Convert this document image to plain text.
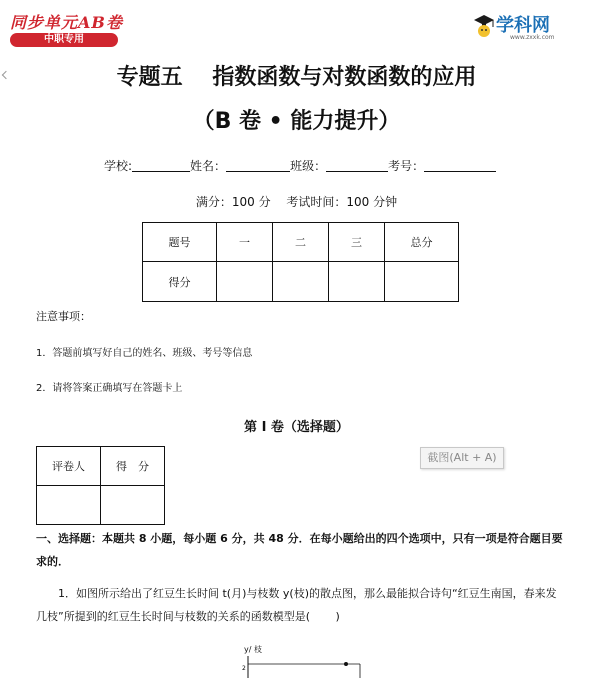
同步单元AB卷
中职专用
学科网
www.zxxk.com
专题五　 指数函数与对数函数的应用
（B 卷 • 能力提升）
学校:	姓名：	班级：	考号：
满分：100 分　 考试时间：100 分钟
题号	一	二	三	总分
得分				
注意事项：
1．答题前填写好自己的姓名、班级、考号等信息
2．请将答案正确填写在答题卡上
第 I 卷（选择题）
评卷人	得　分

截图(Alt + A)
一、选择题：本题共 8 小题，每小题 6 分，共 48 分．在每小题给出的四个选项中，只有一项是符合题目要求的．
1．如图所示给出了红豆生长时间 t(月)与枝数 y(枝)的散点图，那么最能拟合诗句“红豆生南国，春来发几枝”所提到的红豆生长时间与枝数的关系的函数模型是(　　 )
y/ 枝
2
